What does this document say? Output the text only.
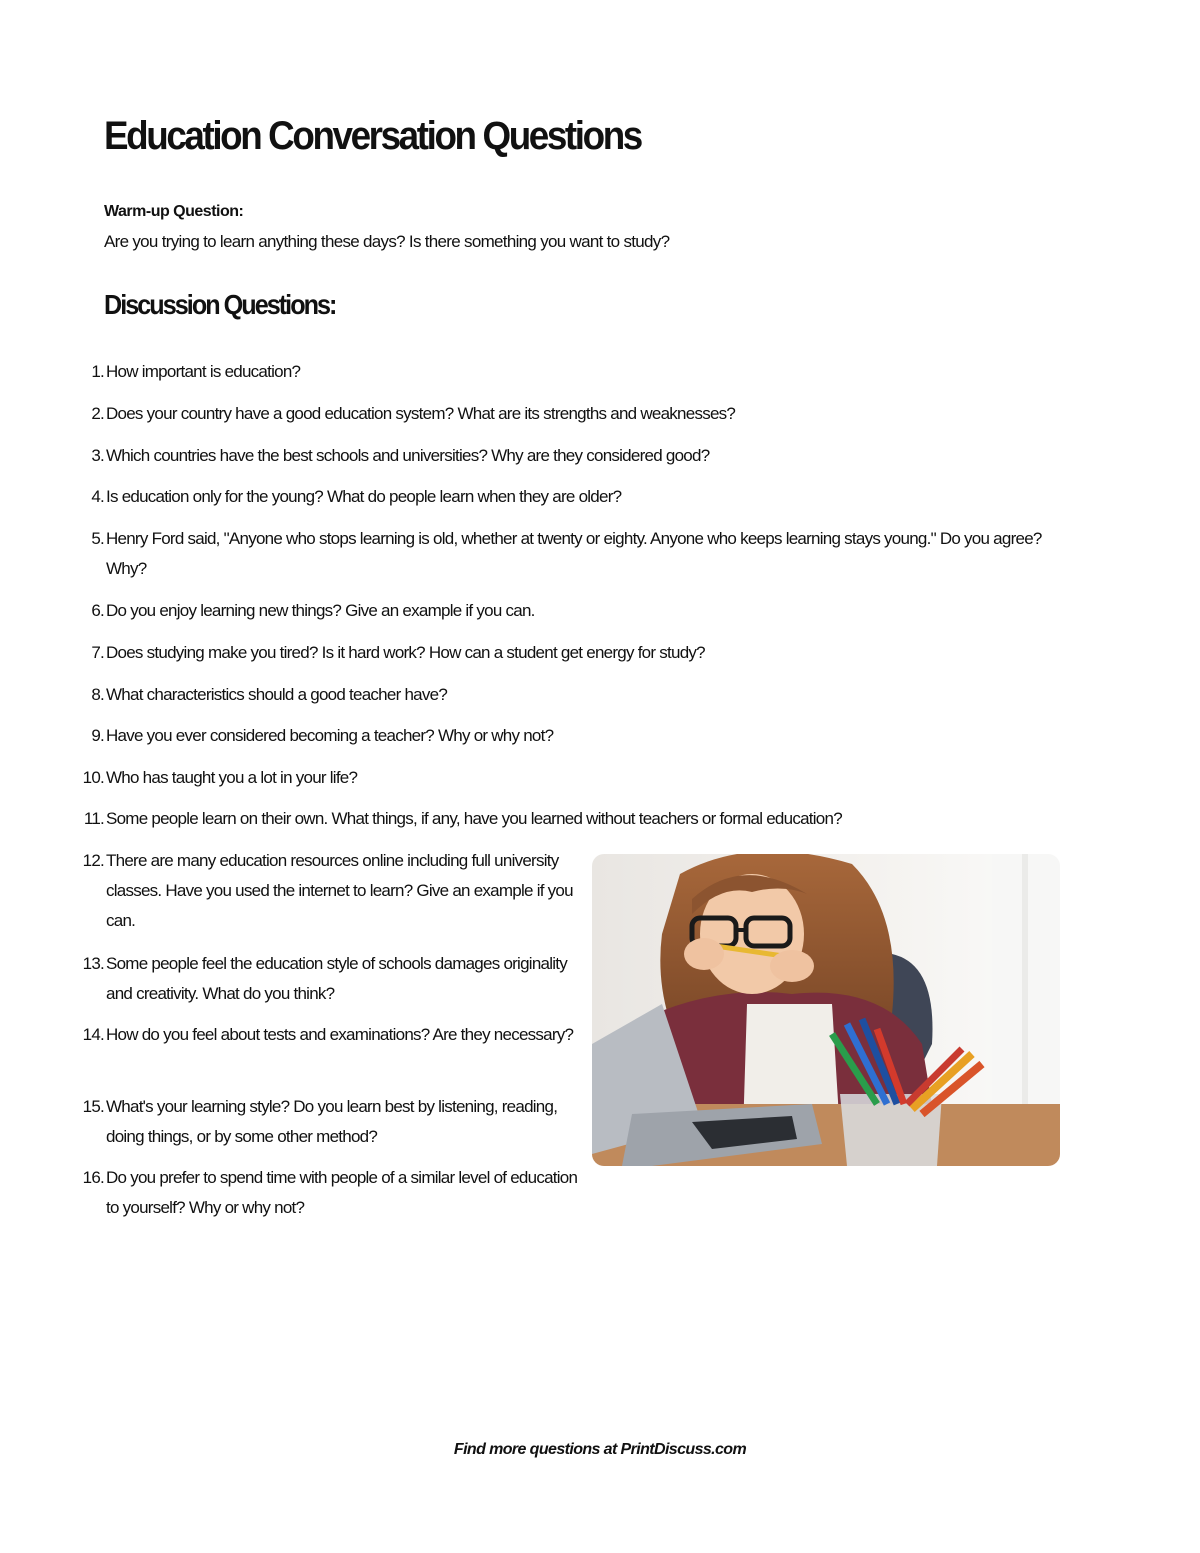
Education Conversation Questions
Warm-up Question:
Are you trying to learn anything these days? Is there something you want to study?
Discussion Questions:
1. How important is education?
2. Does your country have a good education system? What are its strengths and weaknesses?
3. Which countries have the best schools and universities? Why are they considered good?
4. Is education only for the young? What do people learn when they are older?
5. Henry Ford said, "Anyone who stops learning is old, whether at twenty or eighty. Anyone who keeps learning stays young." Do you agree? Why?
6. Do you enjoy learning new things? Give an example if you can.
7. Does studying make you tired? Is it hard work? How can a student get energy for study?
8. What characteristics should a good teacher have?
9. Have you ever considered becoming a teacher? Why or why not?
10. Who has taught you a lot in your life?
11. Some people learn on their own. What things, if any, have you learned without teachers or formal education?
12. There are many education resources online including full university classes. Have you used the internet to learn? Give an example if you can.
13. Some people feel the education style of schools damages originality and creativity. What do you think?
14. How do you feel about tests and examinations? Are they necessary?
15. What's your learning style? Do you learn best by listening, reading, doing things, or by some other method?
16. Do you prefer to spend time with people of a similar level of education to yourself? Why or why not?
Find more questions at PrintDiscuss.com
